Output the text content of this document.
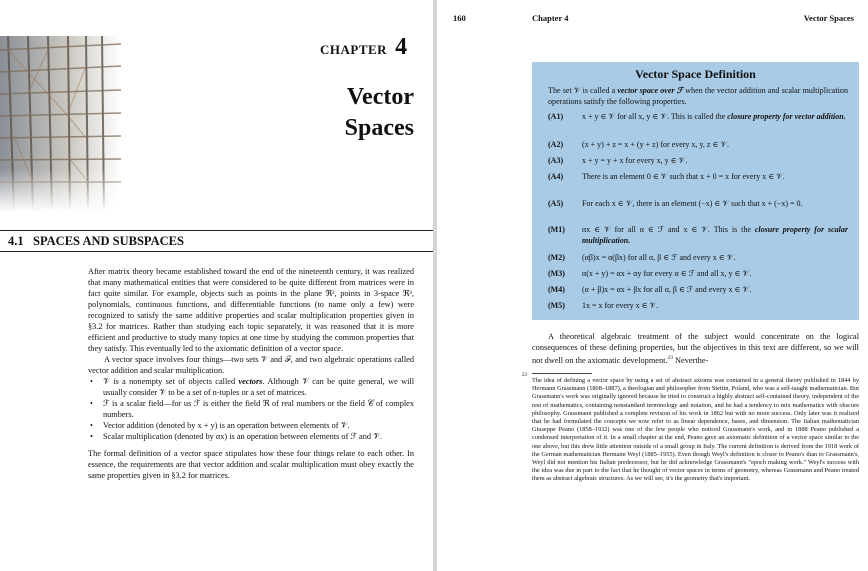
CHAPTER 4
Vector
Spaces
4.1 SPACES AND SUBSPACES

After matrix theory became established toward the end of the nineteenth century, it was realized that many mathematical entities that were considered to be quite different from matrices were in fact quite similar. For example, objects such as points in the plane ℜ², points in 3-space ℜ³, polynomials, continuous functions, and differentiable functions (to name only a few) were recognized to satisfy the same additive properties and scalar multiplication properties given in §3.2 for matrices. Rather than studying each topic separately, it was reasoned that it is more efficient and productive to study many topics at one time by studying the common properties that they satisfy. This eventually led to the axiomatic definition of a vector space.

A vector space involves four things—two sets 𝒱 and ℱ, and two algebraic operations called vector addition and scalar multiplication.

• 𝒱 is a nonempty set of objects called vectors. Although 𝒱 can be quite general, we will usually consider 𝒱 to be a set of n-tuples or a set of matrices.
• ℱ is a scalar field—for us ℱ is either the field ℜ of real numbers or the field 𝒞 of complex numbers.
• Vector addition (denoted by x + y) is an operation between elements of 𝒱.
• Scalar multiplication (denoted by αx) is an operation between elements of ℱ and 𝒱.

The formal definition of a vector space stipulates how these four things relate to each other. In essence, the requirements are that vector addition and scalar multiplication must obey exactly the same properties given in §3.2 for matrices.

160	Chapter 4	Vector Spaces
Vector Space Definition
The set 𝒱 is called a vector space over ℱ when the vector addition and scalar multiplication operations satisfy the following properties.
(A1) x + y ∈ 𝒱 for all x, y ∈ 𝒱. This is called the closure property for vector addition.
(A2) (x + y) + z = x + (y + z) for every x, y, z ∈ 𝒱.
(A3) x + y = y + x for every x, y ∈ 𝒱.
(A4) There is an element 0 ∈ 𝒱 such that x + 0 = x for every x ∈ 𝒱.
(A5) For each x ∈ 𝒱, there is an element (−x) ∈ 𝒱 such that x + (−x) = 0.
(M1) αx ∈ 𝒱 for all α ∈ ℱ and x ∈ 𝒱. This is the closure property for scalar multiplication.
(M2) (αβ)x = α(βx) for all α, β ∈ ℱ and every x ∈ 𝒱.
(M3) α(x + y) = αx + αy for every α ∈ ℱ and all x, y ∈ 𝒱.
(M4) (α + β)x = αx + βx for all α, β ∈ ℱ and every x ∈ 𝒱.
(M5) 1x = x for every x ∈ 𝒱.
A theoretical algebraic treatment of the subject would concentrate on the logical consequences of these defining properties, but the objectives in this text are different, so we will not dwell on the axiomatic development.$^{23}$ Neverthe-
23
The idea of defining a vector space by using a set of abstract axioms was contained in a general theory published in 1844 by Hermann Grassmann (1808–1887), a theologian and philosopher from Stettin, Poland, who was a self-taught mathematician. But Grassmann's work was originally ignored because he tried to construct a highly abstract self-contained theory, independent of the rest of mathematics, containing nonstandard terminology and notation, and he had a tendency to mix mathematics with obscure philosophy. Grassmann published a complete revision of his work in 1862 but with no more success. Only later was it realized that he had formulated the concepts we now refer to as linear dependence, bases, and dimension. The Italian mathematician Giuseppe Peano (1858–1932) was one of the few people who noticed Grassmann's work, and in 1888 Peano published a condensed interpretation of it. In a small chapter at the end, Peano gave an axiomatic definition of a vector space similar to the one above, but this drew little attention outside of a small group in Italy. The current definition is derived from the 1918 work of the German mathematician Hermann Weyl (1885–1955). Even though Weyl's definition is closer to Peano's than to Grassmann's, Weyl did not mention his Italian predecessor, but he did acknowledge Grassmann's "epoch making work." Weyl's success with the idea was due in part to the fact that he thought of vector spaces in terms of geometry, whereas Grassmann and Peano treated them as abstract algebraic structures. As we will see, it's the geometry that's important.
